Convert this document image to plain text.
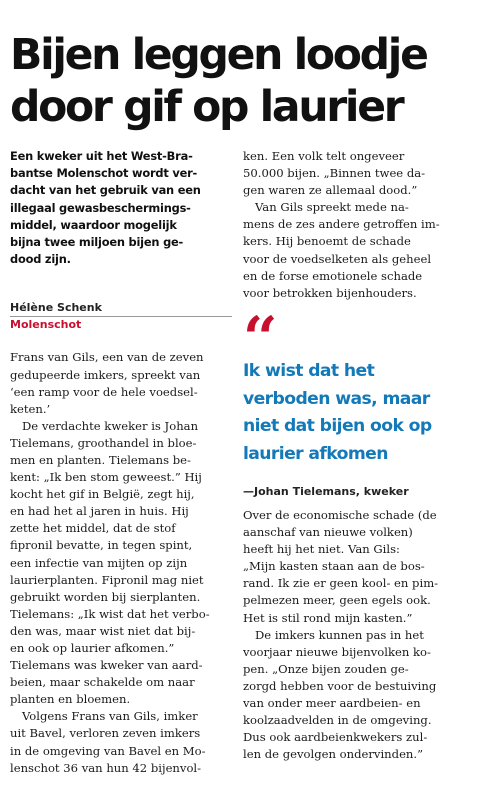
Bijen leggen loodje
door gif op laurier

Een kweker uit het West-Bra-
bantse Molenschot wordt ver-
dacht van het gebruik van een
illegaal gewasbeschermings-
middel, waardoor mogelijk
bijna twee miljoen bijen ge-
dood zijn.

Hélène Schenk
Molenschot
Frans van Gils, een van de zeven
gedupeerde imkers, spreekt van
‘een ramp voor de hele voedsel-
keten.’
De verdachte kweker is Johan
Tielemans, groothandel in bloe-
men en planten. Tielemans be-
kent: „Ik ben stom geweest.” Hij
kocht het gif in België, zegt hij,
en had het al jaren in huis. Hij
zette het middel, dat de stof
fipronil bevatte, in tegen spint,
een infectie van mijten op zijn
laurierplanten. Fipronil mag niet
gebruikt worden bij sierplanten.
Tielemans: „Ik wist dat het verbo-
den was, maar wist niet dat bij-
en ook op laurier afkomen.”
Tielemans was kweker van aard-
beien, maar schakelde om naar
planten en bloemen.
Volgens Frans van Gils, imker
uit Bavel, verloren zeven imkers
in de omgeving van Bavel en Mo-
lenschot 36 van hun 42 bijenvol-
ken. Een volk telt ongeveer
50.000 bijen. „Binnen twee da-
gen waren ze allemaal dood.”
Van Gils spreekt mede na-
mens de zes andere getroffen im-
kers. Hij benoemt de schade
voor de voedselketen als geheel
en de forse emotionele schade
voor betrokken bijenhouders.
‘‘
Ik wist dat het
verboden was, maar
niet dat bijen ook op
laurier afkomen
—Johan Tielemans, kweker
Over de economische schade (de
aanschaf van nieuwe volken)
heeft hij het niet. Van Gils:
„Mijn kasten staan aan de bos-
rand. Ik zie er geen kool- en pim-
pelmezen meer, geen egels ook.
Het is stil rond mijn kasten.”
De imkers kunnen pas in het
voorjaar nieuwe bijenvolken ko-
pen. „Onze bijen zouden ge-
zorgd hebben voor de bestuiving
van onder meer aardbeien- en
koolzaadvelden in de omgeving.
Dus ook aardbeienkwekers zul-
len de gevolgen ondervinden.”
